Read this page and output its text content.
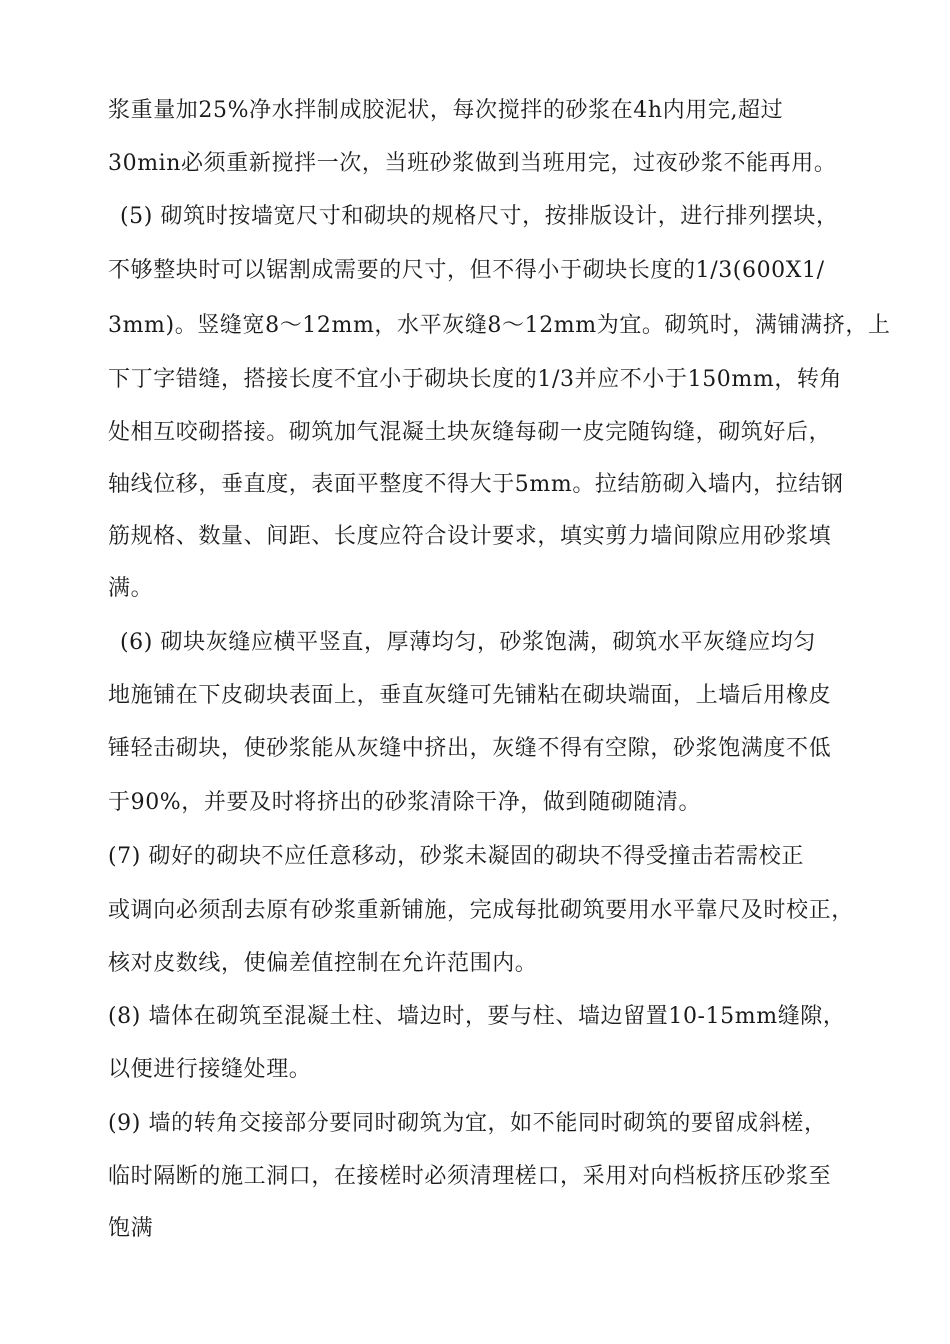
浆重量加25%净水拌制成胶泥状，每次搅拌的砂浆在4h内用完,超过

30min必须重新搅拌一次，当班砂浆做到当班用完，过夜砂浆不能再用。

(5) 砌筑时按墙宽尺寸和砌块的规格尺寸，按排版设计，进行排列摆块，

不够整块时可以锯割成需要的尺寸，但不得小于砌块长度的1/3(600X1/

3mm)。竖缝宽8～12mm，水平灰缝8～12mm为宜。砌筑时，满铺满挤，上

下丁字错缝，搭接长度不宜小于砌块长度的1/3并应不小于150mm，转角

处相互咬砌搭接。砌筑加气混凝土块灰缝每砌一皮完随钩缝，砌筑好后，

轴线位移，垂直度，表面平整度不得大于5mm。拉结筋砌入墙内，拉结钢

筋规格、数量、间距、长度应符合设计要求，填实剪力墙间隙应用砂浆填

满。

(6) 砌块灰缝应横平竖直，厚薄均匀，砂浆饱满，砌筑水平灰缝应均匀

地施铺在下皮砌块表面上，垂直灰缝可先铺粘在砌块端面，上墙后用橡皮

锤轻击砌块，使砂浆能从灰缝中挤出，灰缝不得有空隙，砂浆饱满度不低

于90%，并要及时将挤出的砂浆清除干净，做到随砌随清。

(7) 砌好的砌块不应任意移动，砂浆未凝固的砌块不得受撞击若需校正

或调向必须刮去原有砂浆重新铺施，完成每批砌筑要用水平靠尺及时校正，

核对皮数线，使偏差值控制在允许范围内。

(8) 墙体在砌筑至混凝土柱、墙边时，要与柱、墙边留置10-15mm缝隙，

以便进行接缝处理。

(9) 墙的转角交接部分要同时砌筑为宜，如不能同时砌筑的要留成斜槎，

临时隔断的施工洞口，在接槎时必须清理槎口，采用对向档板挤压砂浆至

饱满
